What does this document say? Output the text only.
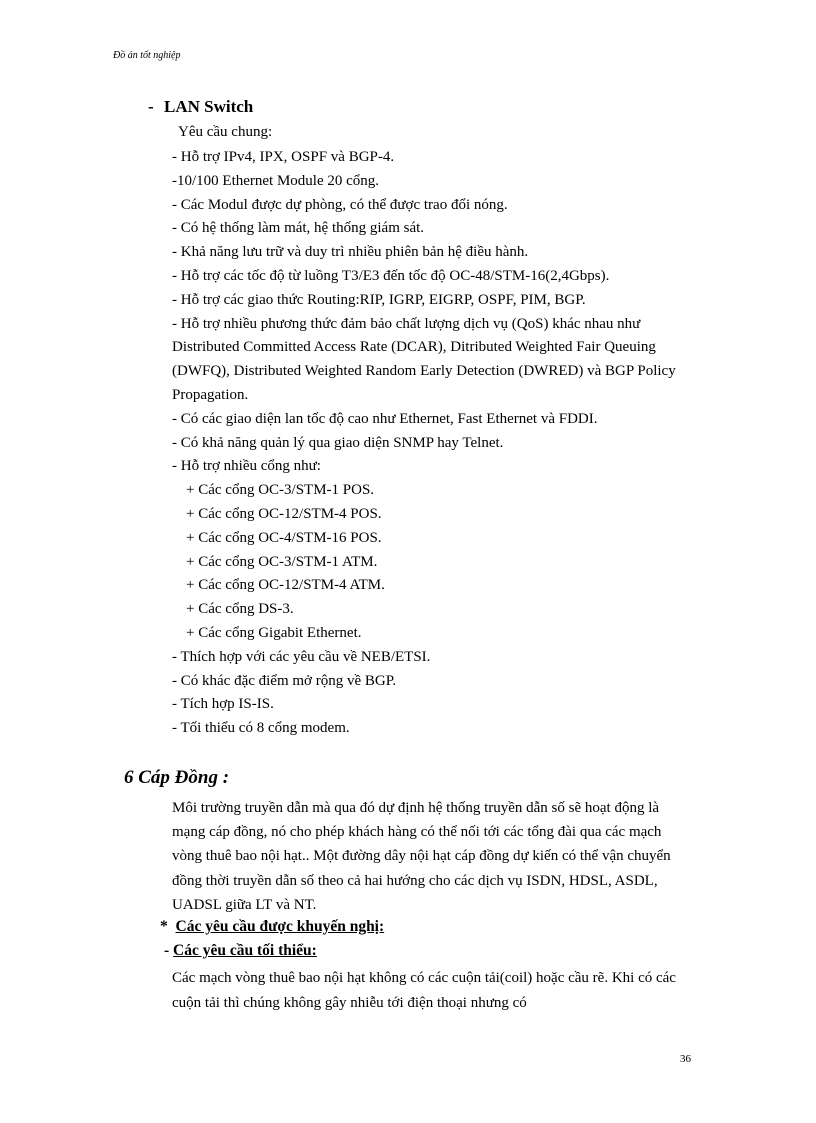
Đồ án tốt nghiệp
- LAN Switch
Yêu cầu chung:
- Hỗ trợ IPv4, IPX, OSPF và BGP-4.
-10/100 Ethernet Module 20 cổng.
- Các Modul được dự phòng, có thể được trao đổi nóng.
- Có hệ thống làm mát, hệ thống giám sát.
- Khả năng lưu trữ và duy trì nhiều phiên bản hệ điều hành.
- Hỗ trợ các tốc độ từ luồng T3/E3 đến tốc độ OC-48/STM-16(2,4Gbps).
- Hỗ trợ các giao thức Routing:RIP, IGRP, EIGRP, OSPF, PIM, BGP.
- Hỗ trợ nhiều phương thức đảm bảo chất lượng dịch vụ (QoS) khác nhau như Distributed Committed Access Rate (DCAR), Ditributed Weighted Fair Queuing (DWFQ), Distributed Weighted Random Early Detection (DWRED) và BGP Policy Propagation.
- Có các giao diện lan tốc độ cao như Ethernet, Fast Ethernet và FDDI.
- Có khả năng quản lý qua giao diện SNMP hay Telnet.
- Hỗ trợ nhiều cổng như:
+ Các cổng OC-3/STM-1 POS.
+ Các cổng OC-12/STM-4 POS.
+ Các cổng OC-4/STM-16 POS.
+ Các cổng OC-3/STM-1 ATM.
+ Các cổng OC-12/STM-4 ATM.
+ Các cổng DS-3.
+ Các cổng Gigabit Ethernet.
- Thích hợp với các yêu cầu về NEB/ETSI.
- Có khác đặc điểm mở rộng về BGP.
- Tích hợp IS-IS.
- Tối thiểu có 8 cổng modem.
6 Cáp Đồng :
Môi trường truyền dẫn mà qua đó dự định hệ thống truyền dẫn số sẽ hoạt động là mạng cáp đồng, nó cho phép khách hàng có thể nối tới các tổng đài qua các mạch vòng thuê bao nội hạt.. Một đường dây nội hạt cáp đồng dự kiến có thể vận chuyển đồng thời truyền dẫn số theo cả hai hướng cho các dịch vụ ISDN, HDSL, ASDL, UADSL giữa LT và NT.
* Các yêu cầu được khuyến nghị:
- Các yêu cầu tối thiểu:
Các mạch vòng thuê bao nội hạt không có các cuộn tải(coil) hoặc cầu rẽ. Khi có các cuộn tải thì chúng không gây nhiễu tới điện thoại nhưng có
36
